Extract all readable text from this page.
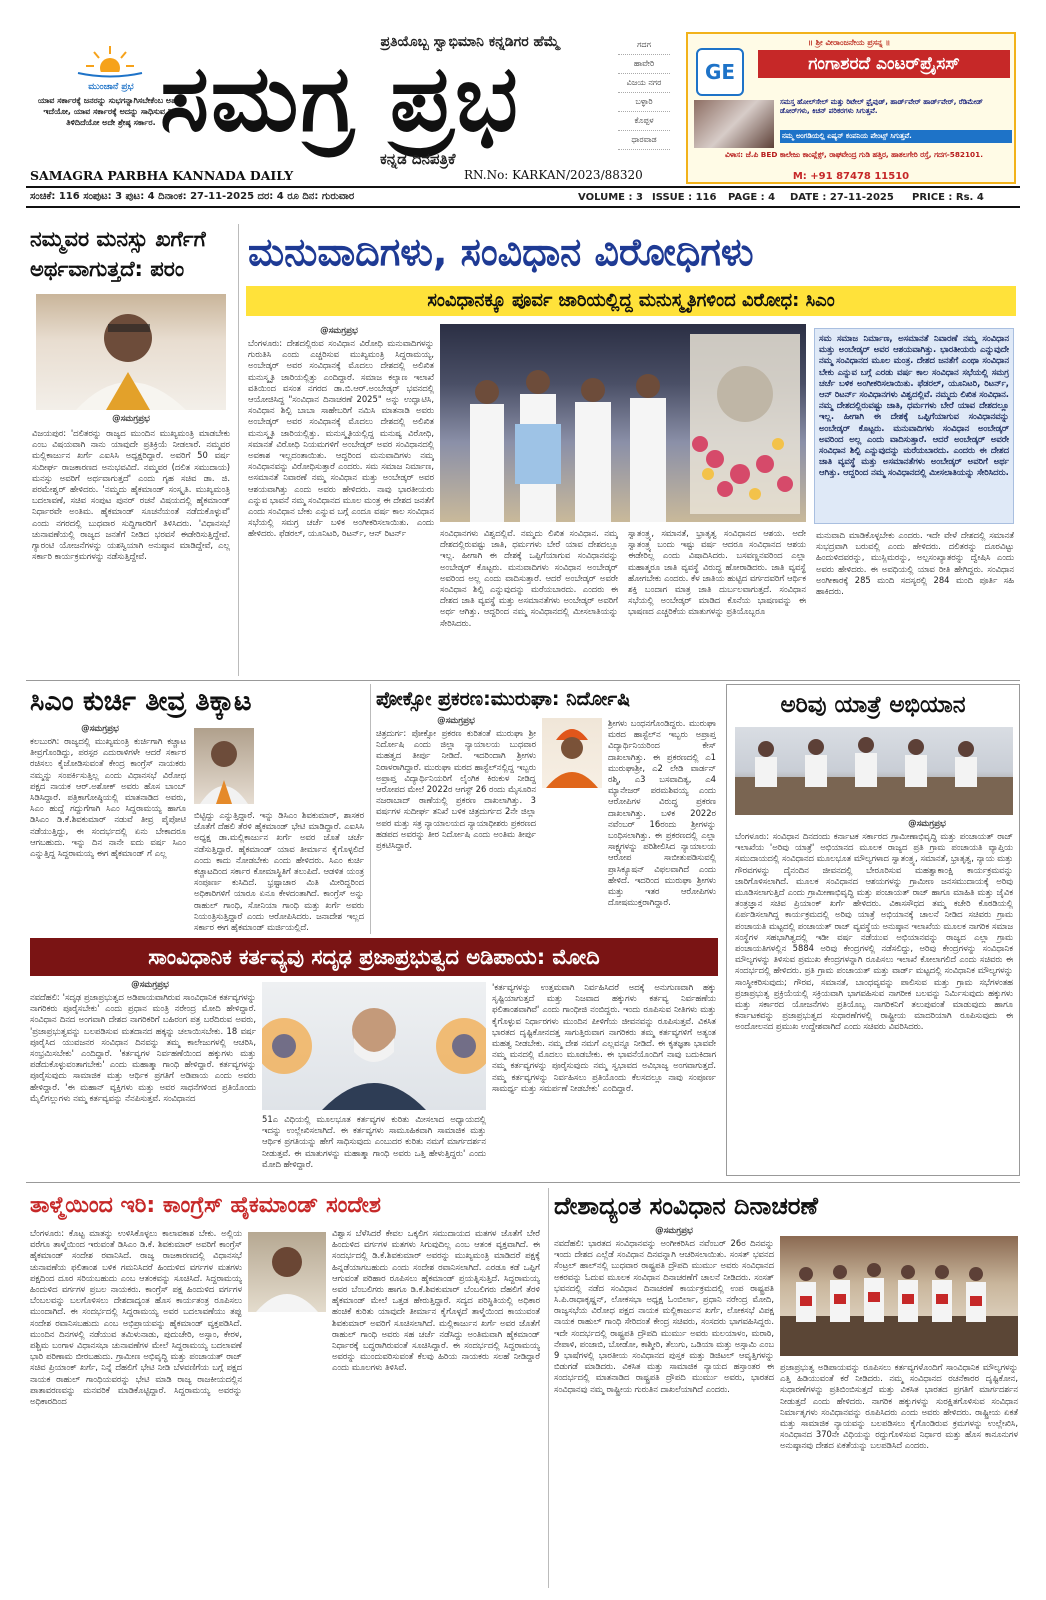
ಮುಂಜಾನೆ ಪ್ರಭ
ಯಾವ ಸರ್ಕಾರಕ್ಕೆ ಜನರನ್ನು ಸುಭಗನ್ನಾಗಿಸಬೇಕೆಂಬ ಅಪೇಕ್ಷೆ ಇದೆಯೋ, ಯಾವ ಸರ್ಕಾರಕ್ಕೆ ಅದನ್ನು ಸಾಧಿಸುವ ರೀತಿ ತಿಳಿದಿದೆಯೋ ಅದೇ ಶ್ರೇಷ್ಠ ಸರ್ಕಾರ.
ಪ್ರತಿಯೊಬ್ಬ ಸ್ವಾಭಿಮಾನಿ ಕನ್ನಡಿಗರ ಹೆಮ್ಮೆ
ಸಮಗ್ರ ಪ್ರಭ
ಕನ್ನಡ ದಿನಪತ್ರಿಕೆ
SAMAGRA PARBHA KANNADA DAILY	RN.No: KARKAN/2023/88320
ಗದಗ
ಹಾವೇರಿ
ವಿಜಯ ನಗರ
ಬಳ್ಳಾರಿ
ಕೊಪ್ಪಳ
ಧಾರವಾಡ
॥ ಶ್ರೀ ವೀರಾಂಜನೇಯ ಪ್ರಸನ್ನ ॥
GE	ಗಂಗಾಶರದೆ ಎಂಟರ್‌ಪ್ರೈಸಸ್
ಸಮಸ್ತ ಹೋಲ್‌ಸೇಲ್ ಮತ್ತು ರಿಟೇಲ್ ಫ್ರೈವುಡ್, ಹಾರ್ಡ್‌ವೇರ್ ಹಾರ್ಡ್‌ವೇರ್, ರೆಡಿಮೇಡ್ ಡೋರ್‌ಗಳು, ಕಿಚನ್ ಪರಿಕರಗಳು ಸಿಗುತ್ತವೆ.
ನಮ್ಮ ಅಂಗಡಿಯಲ್ಲಿ ಏಷ್ಯನ್ ಕಂಪನಿಯ ಪೇಂಟ್ಸ್ ಸಿಗುತ್ತವೆ.
ವಿಳಾಸ: ಜೆ.ಪಿ BED ಕಾಲೇಜು ಕಾಂಪ್ಲೆಕ್ಸ್, ರಾಘವೇಂದ್ರ ಗುಡಿ ಹತ್ತಿರ, ಹಾತಲಗೇರಿ ರಸ್ತೆ, ಗದಗ-582101.
M: +91 87478 11510
ಸಂಚಿಕೆ: 116 ಸಂಪುಟ: 3 ಪುಟ: 4 ದಿನಾಂಕ: 27-11-2025 ದರ: 4 ರೂ ದಿನ: ಗುರುವಾರ	VOLUME : 3 ISSUE : 116 PAGE : 4 DATE : 27-11-2025 PRICE : Rs. 4
ನಮ್ಮವರ ಮನಸ್ಸು ಖರ್ಗೆಗೆ ಅರ್ಥವಾಗುತ್ತದೆ: ಪರಂ
@ಸಮಗ್ರಪ್ರಭ
ವಿಜಯಪುರ: 'ದಲಿತರನ್ನು ರಾಜ್ಯದ ಮುಂದಿನ ಮುಖ್ಯಮಂತ್ರಿ ಮಾಡಬೇಕು ಎಂಬ ವಿಷಯವಾಗಿ ನಾನು ಯಾವುದೇ ಪ್ರತಿಕ್ರಿಯೆ ನೀಡಲಾರೆ. ನಮ್ಮವರ ಮಲ್ಲಿಕಾರ್ಜುನ ಖರ್ಗೆ ಎಐಸಿಸಿ ಅಧ್ಯಕ್ಷರಿದ್ದಾರೆ. ಅವರಿಗೆ 50 ವರ್ಷ ಸುದೀರ್ಘ ರಾಜಕಾರಣದ ಅನುಭವವಿದೆ. ನಮ್ಮವರ (ದಲಿತ ಸಮುದಾಯ) ಮನಸ್ಸು ಅವರಿಗೆ ಅರ್ಥವಾಗುತ್ತದೆ' ಎಂದು ಗೃಹ ಸಚಿವ ಡಾ. ಜಿ. ಪರಮೇಶ್ವರ್ ಹೇಳಿದರು. 'ನಮ್ಮದು ಹೈಕಮಾಂಡ್ ಸಂಸ್ಕೃತಿ. ಮುಖ್ಯಮಂತ್ರಿ ಬದಲಾವಣೆ, ಸಚಿವ ಸಂಪುಟ ಪುನರ್ ರಚನೆ ವಿಷಯದಲ್ಲಿ ಹೈಕಮಾಂಡ್ ನಿರ್ಧಾರವೇ ಅಂತಿಮ. ಹೈಕಮಾಂಡ್ ಸೂಚನೆಯಂತೆ ನಡೆದುಕೊಳ್ಳುವೆ' ಎಂದು ನಗರದಲ್ಲಿ ಬುಧವಾರ ಸುದ್ದಿಗಾರರಿಗೆ ತಿಳಿಸಿದರು. 'ವಿಧಾನಸಭೆ ಚುನಾವಣೆಯಲ್ಲಿ ರಾಜ್ಯದ ಜನತೆಗೆ ನೀಡಿದ ಭರವಸೆ ಈಡೇರಿಸುತ್ತಿದ್ದೇವೆ. ಗ್ಯಾರಂಟಿ ಯೋಜನೆಗಳನ್ನು ಯಶಸ್ವಿಯಾಗಿ ಅನುಷ್ಠಾನ ಮಾಡಿದ್ದೇವೆ, ಎಲ್ಲ ಸರ್ಕಾರಿ ಕಾರ್ಯಕ್ರಮಗಳನ್ನು ನಡೆಸುತ್ತಿದ್ದೇವೆ.
ಮನುವಾದಿಗಳು, ಸಂವಿಧಾನ ವಿರೋಧಿಗಳು
ಸಂವಿಧಾನಕ್ಕೂ ಪೂರ್ವ ಜಾರಿಯಲ್ಲಿದ್ದ ಮನುಸ್ಮೃತಿಗಳಿಂದ ವಿರೋಧ: ಸಿಎಂ
@ಸಮಗ್ರಪ್ರಭ
ಬೆಂಗಳೂರು: ದೇಶದಲ್ಲಿರುವ ಸಂವಿಧಾನ ವಿರೋಧಿ ಮನುವಾದಿಗಳನ್ನು ಗುರುತಿಸಿ ಎಂದು ಎಚ್ಚರಿಸುವ ಮುಖ್ಯಮಂತ್ರಿ ಸಿದ್ದರಾಮಯ್ಯ, ಅಂಬೇಡ್ಕರ್ ಅವರ ಸಂವಿಧಾನಕ್ಕೆ ಮೊದಲು ದೇಶದಲ್ಲಿ ಅಲಿಖಿತ ಮನುಸ್ಮೃತಿ ಜಾರಿಯಲ್ಲಿತ್ತು ಎಂದಿದ್ದಾರೆ. ಸಮಾಜ ಕಲ್ಯಾಣ ಇಲಾಖೆ ವತಿಯಿಂದ ವಸಂತ ನಗರದ ಡಾ.ಬಿ.ಆರ್.ಅಂಬೇಡ್ಕರ್ ಭವನದಲ್ಲಿ ಆಯೋಜಿಸಿದ್ದ "ಸಂವಿಧಾನ ದಿನಾಚರಣೆ 2025" ಅನ್ನು ಉದ್ಘಾಟಿಸಿ, ಸಂವಿಧಾನ ಶಿಲ್ಪಿ ಬಾಬಾ ಸಾಹೇಬರಿಗೆ ನಮಿಸಿ ಮಾತನಾಡಿ ಅವರು ಅಂಬೇಡ್ಕರ್ ಅವರ ಸಂವಿಧಾನಕ್ಕೆ ಮೊದಲು ದೇಶದಲ್ಲಿ ಅಲಿಖಿತ ಮನುಸ್ಮೃತಿ ಜಾರಿಯಲ್ಲಿತ್ತು. ಮನುಸ್ಮೃತಿಯಲ್ಲಿದ್ದ ಮನುಷ್ಯ ವಿರೋಧಿ, ಸಮಾನತೆ ವಿರೋಧಿ ನಿಯಮಗಳಿಗೆ ಅಂಬೇಡ್ಕರ್ ಅವರ ಸಂವಿಧಾನದಲ್ಲಿ ಅವಕಾಶ ಇಲ್ಲದಂತಾಯಿತು. ಆದ್ದರಿಂದ ಮನುವಾದಿಗಳು ನಮ್ಮ ಸಂವಿಧಾನವನ್ನು ವಿರೋಧಿಸುತ್ತಾರೆ ಎಂದರು. ಸಮ ಸಮಾಜ ನಿರ್ಮಾಣ, ಅಸಮಾನತೆ ನಿವಾರಣೆ ನಮ್ಮ ಸಂವಿಧಾನ ಮತ್ತು ಅಂಬೇಡ್ಕರ್ ಅವರ ಆಶಯವಾಗಿತ್ತು ಎಂದು ಅವರು ಹೇಳಿದರು. ನಾವು ಭಾರತೀಯರು ಎನ್ನುವ ಭಾವನೆ ನಮ್ಮ ಸಂವಿಧಾನದ ಮೂಲ ಮಂತ್ರ ಈ ದೇಶದ ಜನತೆಗೆ ಎಂದು ಸಂವಿಧಾನ ಬೇಕು ಎನ್ನುವ ಬಗ್ಗೆ ಎಂದೂ ವರ್ಷ ಕಾಲ ಸಂವಿಧಾನ ಸಭೆಯಲ್ಲಿ ಸಮಗ್ರ ಚರ್ಚೆ ಬಳಿಕ ಅಂಗೀಕರಿಸಲಾಯಿತು. ಎಂದು ಹೇಳಿದರು. ಫೆಡರಲ್, ಯೂನಿಟರಿ, ರಿಟರ್ನ್, ಆನ್ ರಿಟರ್ನ್	ಸಂವಿಧಾನಗಳು ವಿಶ್ವದಲ್ಲಿವೆ. ನಮ್ಮದು ಲಿಖಿತ ಸಂವಿಧಾನ. ನಮ್ಮ ದೇಶದಲ್ಲಿರುವಷ್ಟು ಜಾತಿ, ಧರ್ಮಗಳು ಬೇರೆ ಯಾವ ದೇಶದಲ್ಲೂ ಇಲ್ಲ. ಹೀಗಾಗಿ ಈ ದೇಶಕ್ಕೆ ಒಪ್ಪಿಗೆಯಾಗುವ ಸಂವಿಧಾನವನ್ನು ಅಂಬೇಡ್ಕರ್ ಕೊಟ್ಟರು. ಮನುವಾದಿಗಳು ಸಂವಿಧಾನ ಅಂಬೇಡ್ಕರ್ ಅವರಿಂದ ಅಲ್ಲ ಎಂದು ವಾದಿಸುತ್ತಾರೆ. ಆದರೆ ಅಂಬೇಡ್ಕರ್ ಅವರೇ ಸಂವಿಧಾನ ಶಿಲ್ಪಿ ಎನ್ನುವುದನ್ನು ಮರೆಯಬಾರದು. ಎಂದರು ಈ ದೇಶದ ಜಾತಿ ವ್ಯವಸ್ಥೆ ಮತ್ತು ಅಸಮಾನತೆಗಳು ಅಂಬೇಡ್ಕರ್ ಅವರಿಗೆ ಅರ್ಥ ಆಗಿತ್ತು. ಆದ್ದರಿಂದ ನಮ್ಮ ಸಂವಿಧಾನದಲ್ಲಿ ಮೀಸಲಾತಿಯನ್ನು ಸೇರಿಸಿದರು.
ಸ್ವಾತಂತ್ರ್ಯ, ಸಮಾನತೆ, ಭ್ರಾತೃತ್ವ ಸಂವಿಧಾನದ ಆಶಯ. ಅದೇ ಸ್ವಾತಂತ್ರ್ಯ ಬಂದು ಇಷ್ಟು ವರ್ಷ ಆದರೂ ಸಂವಿಧಾನದ ಆಶಯ ಈಡೇರಿಲ್ಲ ಎಂದು ವಿಷಾದಿಸಿದರು. ಬಸವಣ್ಣನವರಿಂದ ಎಲ್ಲಾ ಮಹಾತ್ಮರೂ ಜಾತಿ ವ್ಯವಸ್ಥೆ ವಿರುದ್ಧ ಹೋರಾಡಿದರು. ಜಾತಿ ವ್ಯವಸ್ಥೆ ಹೋಗಬೇಕು ಎಂದರು. ಕೆಳ ಜಾತಿಯ ಹುಟ್ಟಿದ ವರ್ಗದವರಿಗೆ ಆರ್ಥಿಕ ಶಕ್ತಿ ಬಂದಾಗ ಮಾತ್ರ ಜಾತಿ ದುರ್ಬಲವಾಗುತ್ತದೆ. ಸಂವಿಧಾನ ಸಭೆಯಲ್ಲಿ ಅಂಬೇಡ್ಕರ್ ಮಾಡಿದ ಕೊನೆಯ ಭಾಷಣವನ್ನು ಈ ಭಾಷಣದ ಎಚ್ಚರಿಕೆಯ ಮಾತುಗಳನ್ನು ಪ್ರತಿಯೊಬ್ಬರೂ
ಸಮ ಸಮಾಜ ನಿರ್ಮಾಣ, ಅಸಮಾನತೆ ನಿವಾರಣೆ ನಮ್ಮ ಸಂವಿಧಾನ ಮತ್ತು ಅಂಬೇಡ್ಕರ್ ಅವರ ಆಶಯವಾಗಿತ್ತು. ಭಾರತೀಯರು ಎನ್ನುವುದೇ ನಮ್ಮ ಸಂವಿಧಾನದ ಮೂಲ ಮಂತ್ರ. ದೇಶದ ಜನತೆಗೆ ಎಂಥಾ ಸಂವಿಧಾನ ಬೇಕು ಎನ್ನುವ ಬಗ್ಗೆ ಎರಡು ವರ್ಷ ಕಾಲ ಸಂವಿಧಾನ ಸಭೆಯಲ್ಲಿ ಸಮಗ್ರ ಚರ್ಚೆ ಬಳಿಕ ಅಂಗೀಕರಿಸಲಾಯಿತು. ಫೆಡರಲ್, ಯೂನಿಟರಿ, ರಿಟರ್ನ್, ಆನ್ ರಿಟರ್ನ್ ಸಂವಿಧಾನಗಳು ವಿಶ್ವದಲ್ಲಿವೆ. ನಮ್ಮದು ಲಿಖಿತ ಸಂವಿಧಾನ. ನಮ್ಮ ದೇಶದಲ್ಲಿರುವಷ್ಟು ಜಾತಿ, ಧರ್ಮಗಳು ಬೇರೆ ಯಾವ ದೇಶದಲ್ಲೂ ಇಲ್ಲ. ಹೀಗಾಗಿ ಈ ದೇಶಕ್ಕೆ ಒಪ್ಪಿಗೆಯಾಗುವ ಸಂವಿಧಾನವನ್ನು ಅಂಬೇಡ್ಕರ್ ಕೊಟ್ಟರು. ಮನುವಾದಿಗಳು ಸಂವಿಧಾನ ಅಂಬೇಡ್ಕರ್ ಅವರಿಂದ ಅಲ್ಲ ಎಂದು ವಾದಿಸುತ್ತಾರೆ. ಆದರೆ ಅಂಬೇಡ್ಕರ್ ಅವರೇ ಸಂವಿಧಾನ ಶಿಲ್ಪಿ ಎನ್ನುವುದನ್ನು ಮರೆಯಬಾರದು. ಎಂದರು ಈ ದೇಶದ ಜಾತಿ ವ್ಯವಸ್ಥೆ ಮತ್ತು ಅಸಮಾನತೆಗಳು ಅಂಬೇಡ್ಕರ್ ಅವರಿಗೆ ಅರ್ಥ ಆಗಿತ್ತು. ಆದ್ದರಿಂದ ನಮ್ಮ ಸಂವಿಧಾನದಲ್ಲಿ ಮೀಸಲಾತಿಯನ್ನು ಸೇರಿಸಿದರು.
ಮನುವಾದಿ ಮಾಡಿಕೊಳ್ಳಬೇಕು ಎಂದರು. ಇದೇ ವೇಳೆ ದೇಶದಲ್ಲಿ ಸಮಾನತೆ ಸುಭದ್ರವಾಗಿ ಬರುವಲ್ಲಿ ಎಂದು ಹೇಳಿದರು. ದಲಿತರನ್ನು ದೂರವಿಟ್ಟು ಹಿಂದುಳಿದವರನ್ನು, ಮುಸ್ಲಿಮರನ್ನು, ಅಲ್ಪಸಂಖ್ಯಾತರನ್ನು ದ್ವೇಷಿಸಿ ಎಂದು ಅವರು ಹೇಳಿದರು. ಈ ಅವಧಿಯಲ್ಲಿ ಯಾವ ರೀತಿ ಹೇಗಿದ್ದರು. ಸಂವಿಧಾನ ಅಂಗೀಕಾರಕ್ಕೆ 285 ಮಂದಿ ಸದಸ್ಯರಲ್ಲಿ 284 ಮಂದಿ ಪೂರ್ತಿ ಸಹಿ ಹಾಕಿದರು.
ಸಿಎಂ ಕುರ್ಚಿ ತೀವ್ರ ತಿಕ್ಕಾಟ
@ಸಮಗ್ರಪ್ರಭ
ಕಲಬುರಗಿ: ರಾಜ್ಯದಲ್ಲಿ ಮುಖ್ಯಮಂತ್ರಿ ಕುರ್ಚಿಗಾಗಿ ಕಚ್ಚಾಟ ತೀವ್ರಗೊಂಡಿದ್ದು, ಪರಸ್ಪರ ಎದುರಾಳಿಗಳೇ ಆದರೆ ಸರ್ಕಾರ ರಚಿಸಲು ಕೈಜೋಡಿಸುವಂತೆ ಕೇಂದ್ರ ಕಾಂಗ್ರೆಸ್ ನಾಯಕರು ನಮ್ಮನ್ನು ಸಂಪರ್ಕಿಸುತ್ತಿಲ್ಲ ಎಂದು ವಿಧಾನಸಭೆ ವಿರೋಧ ಪಕ್ಷದ ನಾಯಕ ಆರ್.ಅಶೋಕ್ ಅವರು ಹೊಸ ಬಾಂಬ್ ಸಿಡಿಸಿದ್ದಾರೆ. ಪತ್ರಿಕಾಗೋಷ್ಠಿಯಲ್ಲಿ ಮಾತನಾಡಿದ ಅವರು, ಸಿಎಂ ಹುದ್ದೆ ಗದ್ದುಗೆಗಾಗಿ ಸಿಎಂ ಸಿದ್ದರಾಮಯ್ಯ ಹಾಗೂ ಡಿಸಿಎಂ ಡಿ.ಕೆ.ಶಿವಕುಮಾರ್ ನಡುವೆ ತೀವ್ರ ಪೈಪೋಟಿ ನಡೆಯುತ್ತಿದ್ದು, ಈ ಸಂದರ್ಭದಲ್ಲಿ ಏನು ಬೇಕಾದರೂ ಆಗಬಹುದು. ಇನ್ನು ದಿನ ನಾನೇ ಐದು ವರ್ಷ ಸಿಎಂ ಎನ್ನುತ್ತಿದ್ದ ಸಿದ್ದರಾಮಯ್ಯ ಈಗ ಹೈಕಮಾಂಡ್ ಗೆ ಎಲ್ಲ
ಬಿಟ್ಟಿದ್ದು ಎನ್ನುತ್ತಿದ್ದಾರೆ. ಇನ್ನು ಡಿಸಿಎಂ ಶಿವಕುಮಾರ್, ಶಾಸಕರ ಜೊತೆಗೆ ದೆಹಲಿ ತೆರಳಿ ಹೈಕಮಾಂಡ್ ಭೇಟಿ ಮಾಡಿದ್ದಾರೆ. ಎಐಸಿಸಿ ಅಧ್ಯಕ್ಷ ಡಾ.ಮಲ್ಲಿಕಾರ್ಜುನ ಖರ್ಗೆ ಅವರ ಜೊತೆ ಚರ್ಚೆ ನಡೆಸುತ್ತಿದ್ದಾರೆ. ಹೈಕಮಾಂಡ್ ಯಾವ ತೀರ್ಮಾನ ಕೈಗೊಳ್ಳಲಿದೆ ಎಂದು ಕಾದು ನೋಡಬೇಕು ಎಂದು ಹೇಳಿದರು. ಸಿಎಂ ಕುರ್ಚಿ ಕಚ್ಚಾಟದಿಂದ ಸರ್ಕಾರ ಕೋಮಾಸ್ಥಿತಿಗೆ ತಲುಪಿದೆ. ಆಡಳಿತ ಯಂತ್ರ ಸಂಪೂರ್ಣ ಕುಸಿದಿದೆ. ಭ್ರಷ್ಟಾಚಾರ ಮಿತಿ ಮೀರಿದ್ದರಿಂದ ಅಧಿಕಾರಿಗಳಿಗೆ ಯಾರೂ ಏನೂ ಕೇಳದಂತಾಗಿದೆ. ಕಾಂಗ್ರೆಸ್ ಅನ್ನು ರಾಹುಲ್ ಗಾಂಧಿ, ಸೋನಿಯಾ ಗಾಂಧಿ ಮತ್ತು ಖರ್ಗೆ ಅವರು ನಿಯಂತ್ರಿಸುತ್ತಿದ್ದಾರೆ ಎಂದು ಆರೋಪಿಸಿದರು. ಜನಾದೇಶ ಇಲ್ಲದ ಸರ್ಕಾರ ಈಗ ಹೈಕಮಾಂಡ್ ಮರ್ಜಿಯಲ್ಲಿದೆ.
ಪೋಕ್ಸೋ ಪ್ರಕರಣ:ಮುರುಘಾ: ನಿರ್ದೋಷಿ
@ಸಮಗ್ರಪ್ರಭ
ಚಿತ್ರದುರ್ಗ: ಪೋಕ್ಸೋ ಪ್ರಕರಣ ಕುರಿತಂತೆ ಮುರುಘಾ ಶ್ರೀ ನಿರ್ದೋಷಿ ಎಂದು ಜಿಲ್ಲಾ ನ್ಯಾಯಾಲಯ ಬುಧವಾರ ಮಹತ್ವದ ತೀರ್ಪು ನೀಡಿದೆ. ಇದರಿಂದಾಗಿ ಶ್ರೀಗಳು ನಿರಾಳರಾಗಿದ್ದಾರೆ. ಮುರುಘಾ ಮಠದ ಹಾಸ್ಟೆಲ್‌ನಲ್ಲಿದ್ದ ಇಬ್ಬರು ಅಪ್ರಾಪ್ತ ವಿದ್ಯಾರ್ಥಿನಿಯರಿಗೆ ಲೈಂಗಿಕ ಕಿರುಕುಳ ನೀಡಿದ್ದ ಆರೋಪದ ಮೇಲೆ 2022ರ ಆಗಸ್ಟ್ 26 ರಂದು ಮೈಸೂರಿನ ನಜರಾಬಾದ್ ಠಾಣೆಯಲ್ಲಿ ಪ್ರಕರಣ ದಾಖಲಾಗಿತ್ತು. 3 ವರ್ಷಗಳ ಸುದೀರ್ಘ ತನಿಖೆ ಬಳಿಕ ಚಿತ್ರದುರ್ಗದ 2ನೇ ಜಿಲ್ಲಾ ಅಪರ ಮತ್ತು ಸತ್ರ ನ್ಯಾಯಾಲಯದ ನ್ಯಾಯಾಧೀಶರು ಪ್ರಕರಣದ ಹಡಪದ ಅವರನ್ನು ತೀರ ನಿರ್ದೋಷಿ ಎಂದು ಅಂತಿಮ ತೀರ್ಪು ಪ್ರಕಟಿಸಿದ್ದಾರೆ.
ಶ್ರೀಗಳು ಬಂಧನಗೊಂಡಿದ್ದರು. ಮುರುಘಾ ಮಠದ ಹಾಸ್ಟೆಲ್‌ನ ಇಬ್ಬರು ಅಪ್ರಾಪ್ತ ವಿದ್ಯಾರ್ಥಿನಿಯರಿಂದ ಕೇಸ್ ದಾಖಲಾಗಿತ್ತು. ಈ ಪ್ರಕರಣದಲ್ಲಿ ಎ1 ಮುರುಘಾಶ್ರೀ, ಎ2 ಲೇಡಿ ವಾರ್ಡನ್ ರಶ್ಮಿ, ಎ3 ಬಸವಾದಿತ್ಯ, ಎ4 ಮ್ಯಾನೇಜರ್ ಪರಮಶಿವಯ್ಯ ಎಂದು ಆರೋಪಿಗಳ ವಿರುದ್ಧ ಪ್ರಕರಣ ದಾಖಲಾಗಿತ್ತು. ಬಳಿಕ 2022ರ ನವೆಂಬರ್ 16ರಂದು ಶ್ರೀಗಳನ್ನು ಬಂಧಿಸಲಾಗಿತ್ತು. ಈ ಪ್ರಕರಣದಲ್ಲಿ ಎಲ್ಲಾ ಸಾಕ್ಷ್ಯಗಳನ್ನು ಪರಿಶೀಲಿಸಿದ ನ್ಯಾಯಾಲಯ ಆರೋಪ ಸಾಬೀತುಪಡಿಸುವಲ್ಲಿ ಪ್ರಾಸಿಕ್ಯೂಷನ್ ವಿಫಲವಾಗಿದೆ ಎಂದು ಹೇಳಿದೆ. ಇದರಿಂದ ಮುರುಘಾ ಶ್ರೀಗಳು ಮತ್ತು ಇತರ ಆರೋಪಿಗಳು ದೋಷಮುಕ್ತರಾಗಿದ್ದಾರೆ.
ಅರಿವು ಯಾತ್ರೆ ಅಭಿಯಾನ
@ಸಮಗ್ರಪ್ರಭ
ಬೆಂಗಳೂರು: ಸಂವಿಧಾನ ದಿನದಂದು ಕರ್ನಾಟಕ ಸರ್ಕಾರದ ಗ್ರಾಮೀಣಾಭಿವೃದ್ಧಿ ಮತ್ತು ಪಂಚಾಯತ್ ರಾಜ್ ಇಲಾಖೆಯ 'ಅರಿವು ಯಾತ್ರೆ' ಅಭಿಯಾನದ ಮೂಲಕ ರಾಜ್ಯದ ಪ್ರತಿ ಗ್ರಾಮ ಪಂಚಾಯತಿ ವ್ಯಾಪ್ತಿಯ ಸಮುದಾಯದಲ್ಲಿ ಸಂವಿಧಾನದ ಮೂಲಭೂತ ಮೌಲ್ಯಗಳಾದ ಸ್ವಾತಂತ್ರ್ಯ, ಸಮಾನತೆ, ಭ್ರಾತೃತ್ವ, ನ್ಯಾಯ ಮತ್ತು ಗೌರವಗಳನ್ನು ದೈನಂದಿನ ಜೀವನದಲ್ಲಿ ಬೇರೂರಿಸುವ ಮಹತ್ವಾಕಾಂಕ್ಷಿ ಕಾರ್ಯಕ್ರಮವನ್ನು ಜಾರಿಗೊಳಿಸಲಾಗಿದೆ. ಮೂಲಕ ಸಂವಿಧಾನದ ಆಶಯಗಳನ್ನು ಗ್ರಾಮೀಣ ಜನಸಮುದಾಯಕ್ಕೆ ಅರಿವು ಮೂಡಿಸಲಾಗುತ್ತಿದೆ ಎಂದು ಗ್ರಾಮೀಣಾಭಿವೃದ್ಧಿ ಮತ್ತು ಪಂಚಾಯತ್ ರಾಜ್ ಹಾಗೂ ಮಾಹಿತಿ ಮತ್ತು ಜೈವಿಕ ತಂತ್ರಜ್ಞಾನ ಸಚಿವ ಪ್ರಿಯಾಂಕ್ ಖರ್ಗೆ ಹೇಳಿದರು. ವಿಕಾಸಸೌಧದ ತಮ್ಮ ಕಚೇರಿ ಕೊಠಡಿಯಲ್ಲಿ ಏರ್ಪಡಿಸಲಾಗಿದ್ದ ಕಾರ್ಯಕ್ರಮದಲ್ಲಿ ಅರಿವು ಯಾತ್ರೆ ಅಭಿಯಾನಕ್ಕೆ ಚಾಲನೆ ನೀಡಿದ ಸಚಿವರು ಗ್ರಾಮ ಪಂಚಾಯತಿ ಮಟ್ಟದಲ್ಲಿ ಪಂಚಾಯತ್ ರಾಜ್ ವ್ಯವಸ್ಥೆಯ ಅನುಷ್ಠಾನ ಇಲಾಖೆಯ ಮೂಲಕ ನಾಗರಿಕ ಸಮಾಜ ಸಂಸ್ಥೆಗಳ ಸಹಭಾಗಿತ್ವದಲ್ಲಿ ಇಡೀ ವರ್ಷ ನಡೆಯುವ ಅಭಿಯಾನವನ್ನು ರಾಜ್ಯದ ಎಲ್ಲಾ ಗ್ರಾಮ ಪಂಚಾಯತಿಗಳಲ್ಲಿನ 5884 ಅರಿವು ಕೇಂದ್ರಗಳಲ್ಲಿ ನಡೆಸಲಿದ್ದು, ಅರಿವು ಕೇಂದ್ರಗಳನ್ನು ಸಂವಿಧಾನಿಕ ಮೌಲ್ಯಗಳನ್ನು ತಿಳಿಸುವ ಪ್ರಮುಖ ಕೇಂದ್ರಗಳನ್ನಾಗಿ ರೂಪಿಸಲು ಇಲಾಖೆ ಕೋಲಾಗಲಿದೆ ಎಂದು ಸಚಿವರು ಈ ಸಂದರ್ಭದಲ್ಲಿ ಹೇಳಿದರು. ಪ್ರತಿ ಗ್ರಾಮ ಪಂಚಾಯತ್ ಮತ್ತು ವಾರ್ಡ್ ಮಟ್ಟದಲ್ಲಿ ಸಂವಿಧಾನಿಕ ಮೌಲ್ಯಗಳನ್ನು ಸಾಂಸ್ಥೀಕರಿಸುವುದು; ಗೌರವ, ಸಮಾನತೆ, ಬಾಂಧವ್ಯವನ್ನು ಪಾಲಿಸುವ ಮತ್ತು ಗ್ರಾಮ ಸಭೆಗಳಂತಹ ಪ್ರಜಾಪ್ರಭುತ್ವ ಪ್ರಕ್ರಿಯೆಯಲ್ಲಿ ಸಕ್ರಿಯವಾಗಿ ಭಾಗವಹಿಸುವ ನಾಗರೀಕ ಬಲವನ್ನು ನಿರ್ಮಿಸುವುದು ಹಕ್ಕುಗಳು ಮತ್ತು ಸರ್ಕಾರದ ಯೋಜನೆಗಳು ಪ್ರತಿಯೊಬ್ಬ ನಾಗರಿಕನಿಗೆ ತಲುಪುವಂತೆ ಮಾಡುವುದು ಹಾಗೂ ಕರ್ನಾಟಕವನ್ನು ಪ್ರಜಾಪ್ರಭುತ್ವದ ಸುಧಾರಣೆಗಳಲ್ಲಿ ರಾಷ್ಟ್ರೀಯ ಮಾದರಿಯಾಗಿ ರೂಪಿಸುವುದು ಈ ಅಂದೋಲನದ ಪ್ರಮುಖ ಉದ್ದೇಶವಾಗಿದೆ ಎಂದು ಸಚಿವರು ವಿವರಿಸಿದರು.
ಸಾಂವಿಧಾನಿಕ ಕರ್ತವ್ಯವು ಸದೃಢ ಪ್ರಜಾಪ್ರಭುತ್ವದ ಅಡಿಪಾಯ: ಮೋದಿ
@ಸಮಗ್ರಪ್ರಭ
ನವದೆಹಲಿ: 'ಸದೃಢ ಪ್ರಜಾಪ್ರಭುತ್ವದ ಅಡಿಪಾಯವಾಗಿರುವ ಸಾಂವಿಧಾನಿಕ ಕರ್ತವ್ಯಗಳನ್ನು ನಾಗರಿಕರು ಪೂರೈಸಬೇಕು' ಎಂದು ಪ್ರಧಾನ ಮಂತ್ರಿ ನರೇಂದ್ರ ಮೋದಿ ಹೇಳಿದ್ದಾರೆ. ಸಂವಿಧಾನ ದಿನದ ಅಂಗವಾಗಿ ದೇಶದ ನಾಗರಿಕರಿಗೆ ಬಹಿರಂಗ ಪತ್ರ ಬರೆದಿರುವ ಅವರು, 'ಪ್ರಜಾಪ್ರಭುತ್ವವನ್ನು ಬಲಪಡಿಸುವ ಮತದಾನದ ಹಕ್ಕನ್ನು ಚಲಾಯಿಸಬೇಕು. 18 ವರ್ಷ ಪೂರೈಸಿದ ಯುವಜನರ ಸಂವಿಧಾನ ದಿನವನ್ನು ತಮ್ಮ ಕಾಲೇಜುಗಳಲ್ಲಿ ಆಚರಿಸಿ, ಸಂಭ್ರಮಿಸಬೇಕು' ಎಂದಿದ್ದಾರೆ. 'ಕರ್ತವ್ಯಗಳ ನಿರ್ವಹಣೆಯಿಂದ ಹಕ್ಕುಗಳು ಮತ್ತು ಪಡೆದುಕೊಳ್ಳುವಂತಾಗಬೇಕು' ಎಂದು ಮಹಾತ್ಮಾ ಗಾಂಧಿ ಹೇಳಿದ್ದಾರೆ. ಕರ್ತವ್ಯಗಳನ್ನು ಪೂರೈಸುವುದು ಸಾಮಾಜಿಕ ಮತ್ತು ಆರ್ಥಿಕ ಪ್ರಗತಿಗೆ ಅಡಿಪಾಯ ಎಂದು ಅವರು ಹೇಳಿದ್ದಾರೆ. 'ಈ ಮಹಾನ್ ವ್ಯಕ್ತಿಗಳು ಮತ್ತು ಅವರ ಸಾಧನೆಗಳಿಂದ ಪ್ರತಿಯೊಂದು ಮೈಲಿಗಲ್ಲುಗಳು ನಮ್ಮ ಕರ್ತವ್ಯವನ್ನು ನೆನಪಿಸುತ್ತವೆ. ಸಂವಿಧಾನದ
51ಎ ವಿಧಿಯಲ್ಲಿ ಮೂಲಭೂತ ಕರ್ತವ್ಯಗಳ ಕುರಿತು ಮೀಸಲಾದ ಅಧ್ಯಾಯದಲ್ಲಿ ಇದನ್ನು ಉಲ್ಲೇಖಿಸಲಾಗಿದೆ. ಈ ಕರ್ತವ್ಯಗಳು ಸಾಮೂಹಿಕವಾಗಿ ಸಾಮಾಜಿಕ ಮತ್ತು ಆರ್ಥಿಕ ಪ್ರಗತಿಯನ್ನು ಹೇಗೆ ಸಾಧಿಸುವುದು ಎಂಬುದರ ಕುರಿತು ನಮಗೆ ಮಾರ್ಗದರ್ಶನ ನೀಡುತ್ತವೆ. ಈ ಮಾತುಗಳನ್ನು ಮಹಾತ್ಮಾ ಗಾಂಧಿ ಅವರು ಒತ್ತಿ ಹೇಳುತ್ತಿದ್ದರು' ಎಂದು ಮೋದಿ ಹೇಳಿದ್ದಾರೆ.
'ಕರ್ತವ್ಯಗಳನ್ನು ಉತ್ತಮವಾಗಿ ನಿರ್ವಹಿಸಿದರೆ ಅದಕ್ಕೆ ಅನುಗುಣವಾಗಿ ಹಕ್ಕು ಸೃಷ್ಟಿಯಾಗುತ್ತದೆ ಮತ್ತು ನಿಜವಾದ ಹಕ್ಕುಗಳು ಕರ್ತವ್ಯ ನಿರ್ವಹಣೆಯ ಫಲಿತಾಂಶವಾಗಿವೆ' ಎಂದು ಗಾಂಧೀಜಿ ನಂಬಿದ್ದರು. ಇಂದು ರೂಪಿಸುವ ನೀತಿಗಳು ಮತ್ತು ಕೈಗೊಳ್ಳುವ ನಿರ್ಧಾರಗಳು ಮುಂದಿನ ಪೀಳಿಗೆಯ ಜೀವನವನ್ನು ರೂಪಿಸುತ್ತವೆ. ವಿಕಸಿತ ಭಾರತದ ದೃಷ್ಟಿಕೋನದತ್ತ ಸಾಗುತ್ತಿರುವಾಗ ನಾಗರಿಕರು ತಮ್ಮ ಕರ್ತವ್ಯಗಳಿಗೆ ಅತ್ಯಂತ ಮಹತ್ವ ನೀಡಬೇಕು. ನಮ್ಮ ದೇಶ ನಮಗೆ ಎಲ್ಲವನ್ನೂ ನೀಡಿದೆ. ಈ ಕೃತಜ್ಞತಾ ಭಾವವೇ ನಮ್ಮ ಮನದಲ್ಲಿ ಮೊದಲು ಮೂಡಬೇಕು. ಈ ಭಾವನೆಯೊಂದಿಗೆ ನಾವು ಬದುಕಿದಾಗ ನಮ್ಮ ಕರ್ತವ್ಯಗಳನ್ನು ಪೂರೈಸುವುದು ನಮ್ಮ ಸ್ವಭಾವದ ಅವಿಭಾಜ್ಯ ಅಂಗವಾಗುತ್ತದೆ. ನಮ್ಮ ಕರ್ತವ್ಯಗಳನ್ನು ನಿರ್ವಹಿಸಲು ಪ್ರತಿಯೊಂದು ಕೆಲಸದಲ್ಲೂ ನಾವು ಸಂಪೂರ್ಣ ಸಾಮರ್ಥ್ಯ ಮತ್ತು ಸಮರ್ಪಣೆ ನೀಡಬೇಕು' ಎಂದಿದ್ದಾರೆ.
ತಾಳ್ಮೆಯಿಂದ ಇರಿ: ಕಾಂಗ್ರೆಸ್ ಹೈಕಮಾಂಡ್ ಸಂದೇಶ
ಬೆಂಗಳೂರು: ಕೊಟ್ಟ ಮಾತನ್ನು ಉಳಿಸಿಕೊಳ್ಳಲು ಕಾಲಾವಕಾಶ ಬೇಕು. ಅಲ್ಲಿಯ ವರೆಗೂ ತಾಳ್ಮೆಯಿಂದ ಇರುವಂತೆ ಡಿಸಿಎಂ ಡಿ.ಕೆ. ಶಿವಕುಮಾರ್ ಅವರಿಗೆ ಕಾಂಗ್ರೆಸ್ ಹೈಕಮಾಂಡ್ ಸಂದೇಶ ರವಾನಿಸಿದೆ. ರಾಜ್ಯ ರಾಜಕಾರಣದಲ್ಲಿ ವಿಧಾನಸಭೆ ಚುನಾವಣೆಯ ಫಲಿತಾಂಶ ಬಳಿಕ ಗಮನಿಸಿದರೆ ಹಿಂದುಳಿದ ವರ್ಗಗಳ ಮತಗಳು ಪಕ್ಷದಿಂದ ದೂರ ಸರಿಯಬಹುದು ಎಂಬ ಆತಂಕವನ್ನು ಸೂಚಿಸಿದೆ. ಸಿದ್ದರಾಮಯ್ಯ ಹಿಂದುಳಿದ ವರ್ಗಗಳ ಪ್ರಬಲ ನಾಯಕರು. ಕಾಂಗ್ರೆಸ್ ಪಕ್ಷ ಹಿಂದುಳಿದ ವರ್ಗಗಳ ಬೆಂಬಲವನ್ನು ಬಲಗೊಳಿಸಲು ದೇಶದಾದ್ಯಂತ ಹೊಸ ಕಾರ್ಯತಂತ್ರ ರೂಪಿಸಲು ಮುಂದಾಗಿದೆ. ಈ ಸಂದರ್ಭದಲ್ಲಿ ಸಿದ್ದರಾಮಯ್ಯ ಅವರ ಬದಲಾವಣೆಯು ತಪ್ಪು ಸಂದೇಶ ರವಾನಿಸಬಹುದು ಎಂಬ ಅಭಿಪ್ರಾಯವನ್ನು ಹೈಕಮಾಂಡ್ ವ್ಯಕ್ತಪಡಿಸಿದೆ. ಮುಂದಿನ ದಿನಗಳಲ್ಲಿ ನಡೆಯುವ ತಮಿಳುನಾಡು, ಪುದುಚೇರಿ, ಅಸ್ಸಾಂ, ಕೇರಳ, ಪಶ್ಚಿಮ ಬಂಗಾಳ ವಿಧಾನಸಭಾ ಚುನಾವಣೆಗಳ ಮೇಲೆ ಸಿದ್ದರಾಮಯ್ಯ ಬದಲಾವಣೆ ಭಾರಿ ಪರಿಣಾಮ ಬೀರಬಹುದು. ಗ್ರಾಮೀಣ ಅಭಿವೃದ್ಧಿ ಮತ್ತು ಪಂಚಾಯತ್ ರಾಜ್ ಸಚಿವ ಪ್ರಿಯಾಂಕ್ ಖರ್ಗೆ, ನಿನ್ನೆ ದೆಹಲಿಗೆ ಭೇಟಿ ನೀಡಿ ಬೆಳವಣಿಗೆಯ ಬಗ್ಗೆ ಪಕ್ಷದ ನಾಯಕ ರಾಹುಲ್ ಗಾಂಧಿಯವರನ್ನು ಭೇಟಿ ಮಾಡಿ ರಾಜ್ಯ ರಾಜಕೀಯದಲ್ಲಿನ ಪಾತಾವರಣವನ್ನು ಮನವರಿಕೆ ಮಾಡಿಕೊಟ್ಟಿದ್ದಾರೆ. ಸಿದ್ದರಾಮಯ್ಯ ಅವರನ್ನು ಅಧಿಕಾರದಿಂದ
ವಿಶ್ವಾಸ ಬೆಳೆಸಿದರೆ ಕೇವಲ ಒಕ್ಕಲಿಗ ಸಮುದಾಯದ ಮತಗಳ ಜೊತೆಗೆ ಬೇರೆ ಹಿಂದುಳಿದ ವರ್ಗಗಳ ಮತಗಳು ಸಿಗುವುದಿಲ್ಲ ಎಂಬ ಆತಂಕ ವ್ಯಕ್ತವಾಗಿದೆ. ಈ ಸಂದರ್ಭದಲ್ಲಿ ಡಿ.ಕೆ.ಶಿವಕುಮಾರ್ ಅವರನ್ನು ಮುಖ್ಯಮಂತ್ರಿ ಮಾಡಿದರೆ ಪಕ್ಷಕ್ಕೆ ಹಿನ್ನಡೆಯಾಗಬಹುದು ಎಂದು ಸಂದೇಶ ರವಾನಿಸಲಾಗಿದೆ. ಎರಡೂ ಕಡೆ ಒಪ್ಪಿಗೆ ಆಗುವಂತೆ ಪರಿಹಾರ ರೂಪಿಸಲು ಹೈಕಮಾಂಡ್ ಪ್ರಯತ್ನಿಸುತ್ತಿದೆ. ಸಿದ್ದರಾಮಯ್ಯ ಅವರ ಬೆಂಬಲಿಗರು ಹಾಗೂ ಡಿ.ಕೆ.ಶಿವಕುಮಾರ್ ಬೆಂಬಲಿಗರು ದೆಹಲಿಗೆ ತೆರಳಿ ಹೈಕಮಾಂಡ್ ಮೇಲೆ ಒತ್ತಡ ಹೇರುತ್ತಿದ್ದಾರೆ. ಸದ್ಯದ ಪರಿಸ್ಥಿತಿಯಲ್ಲಿ ಅಧಿಕಾರ ಹಂಚಿಕೆ ಕುರಿತು ಯಾವುದೇ ತೀರ್ಮಾನ ಕೈಗೊಳ್ಳದೆ ತಾಳ್ಮೆಯಿಂದ ಕಾಯುವಂತೆ ಶಿವಕುಮಾರ್ ಅವರಿಗೆ ಸೂಚಿಸಲಾಗಿದೆ. ಮಲ್ಲಿಕಾರ್ಜುನ ಖರ್ಗೆ ಅವರ ಜೊತೆಗೆ ರಾಹುಲ್ ಗಾಂಧಿ ಅವರು ಸಹ ಚರ್ಚೆ ನಡೆಸಿದ್ದು ಅಂತಿಮವಾಗಿ ಹೈಕಮಾಂಡ್ ನಿರ್ಧಾರಕ್ಕೆ ಬದ್ಧರಾಗಿರುವಂತೆ ಸೂಚಿಸಿದ್ದಾರೆ. ಈ ಸಂದರ್ಭದಲ್ಲಿ ಸಿದ್ದರಾಮಯ್ಯ ಅವರನ್ನು ಮುಂದುವರಿಸುವಂತೆ ಕೆಲವು ಹಿರಿಯ ನಾಯಕರು ಸಲಹೆ ನೀಡಿದ್ದಾರೆ ಎಂದು ಮೂಲಗಳು ತಿಳಿಸಿವೆ.
ದೇಶಾದ್ಯಂತ ಸಂವಿಧಾನ ದಿನಾಚರಣೆ
@ಸಮಗ್ರಪ್ರಭ
ನವದೆಹಲಿ: ಭಾರತದ ಸಂವಿಧಾನವನ್ನು ಅಂಗೀಕರಿಸಿದ ನವೆಂಬರ್ 26ರ ದಿನವನ್ನು ಇಂದು ದೇಶದ ಎಲ್ಲೆಡೆ ಸಂವಿಧಾನ ದಿನವನ್ನಾಗಿ ಆಚರಿಸಲಾಯಿತು. ಸಂಸತ್ ಭವನದ ಸೆಂಟ್ರಲ್ ಹಾಲ್‌ನಲ್ಲಿ ಬುಧವಾರ ರಾಷ್ಟ್ರಪತಿ ದ್ರೌಪದಿ ಮುರ್ಮು ಅವರು ಸಂವಿಧಾನದ ಅಕರವನ್ನು ಓದುವ ಮೂಲಕ ಸಂವಿಧಾನ ದಿನಾಚರಣೆಗೆ ಚಾಲನೆ ನೀಡಿದರು. ಸಂಸತ್ ಭವನದಲ್ಲಿ ನಡೆದ ಸಂವಿಧಾನ ದಿನಾಚರಣೆ ಕಾರ್ಯಕ್ರಮದಲ್ಲಿ ಉಪ ರಾಷ್ಟ್ರಪತಿ ಸಿ.ಪಿ.ರಾಧಾಕೃಷ್ಣನ್, ಲೋಕಸಭಾ ಅಧ್ಯಕ್ಷ ಓಂಬಿರ್ಲಾ, ಪ್ರಧಾನಿ ನರೇಂದ್ರ ಮೋದಿ, ರಾಜ್ಯಸಭೆಯ ವಿರೋಧ ಪಕ್ಷದ ನಾಯಕ ಮಲ್ಲಿಕಾರ್ಜುನ ಖರ್ಗೆ, ಲೋಕಸಭೆ ವಿಪಕ್ಷ ನಾಯಕ ರಾಹುಲ್ ಗಾಂಧಿ ಸೇರಿದಂತೆ ಕೇಂದ್ರ ಸಚಿವರು, ಸಂಸದರು ಭಾಗವಹಿಸಿದ್ದರು. ಇದೇ ಸಂದರ್ಭದಲ್ಲಿ ರಾಷ್ಟ್ರಪತಿ ದ್ರೌಪದಿ ಮುರ್ಮು ಅವರು ಮಲಯಾಳಂ, ಮರಾಠಿ, ನೇಪಾಳಿ, ಪಂಜಾಬಿ, ಬೋಡೋ, ಕಾಶ್ಮೀರಿ, ತೆಲುಗು, ಒಡಿಯಾ ಮತ್ತು ಅಸ್ಸಾಮಿ ಎಂಬ 9 ಭಾಷೆಗಳಲ್ಲಿ ಭಾರತೀಯ ಸಂವಿಧಾನದ ಪುಸ್ತಕ ಮತ್ತು ಡಿಜಿಟಲ್ ಆವೃತ್ತಿಗಳನ್ನು ಬಿಡುಗಡೆ ಮಾಡಿದರು. ವಿಕಸಿತ ಮತ್ತು ಸಾಮಾಜಿಕ ನ್ಯಾಯದ ಹಸ್ತಾಂತರ ಈ ಸಂದರ್ಭದಲ್ಲಿ ಮಾತನಾಡಿದ ರಾಷ್ಟ್ರಪತಿ ದ್ರೌಪದಿ ಮುರ್ಮು ಅವರು, ಭಾರತದ ಸಂವಿಧಾನವು ನಮ್ಮ ರಾಷ್ಟ್ರೀಯ ಗುರುತಿನ ದಾಖಲೆಯಾಗಿದೆ ಎಂದರು.
ಪ್ರಜಾಪ್ರಭುತ್ವ ಅಡಿಪಾಯವನ್ನು ರೂಪಿಸಲು ಕರ್ತವ್ಯಗಳೊಂದಿಗೆ ಸಾಂವಿಧಾನಿಕ ಮೌಲ್ಯಗಳನ್ನು ಎತ್ತಿ ಹಿಡಿಯುವಂತೆ ಕರೆ ನೀಡಿದರು. ನಮ್ಮ ಸಂವಿಧಾನದ ರಚನೆಕಾರರ ದೃಷ್ಟಿಕೋನ, ಸುಧಾರಣೆಗಳನ್ನು ಪ್ರತಿಬಿಂಬಿಸುತ್ತದೆ ಮತ್ತು ವಿಕಸಿತ ಭಾರತದ ಪ್ರಗತಿಗೆ ಮಾರ್ಗದರ್ಶನ ನೀಡುತ್ತದೆ ಎಂದು ಹೇಳಿದರು. ನಾಗರಿಕ ಹಕ್ಕುಗಳನ್ನು ಸುರಕ್ಷಿತಗೊಳಿಸುವ ಸಂವಿಧಾನ ನಿರ್ಮಾತೃಗಳು ಸಂವಿಧಾನವನ್ನು ರೂಪಿಸಿದರು ಎಂದು ಅವರು ಹೇಳಿದರು. ರಾಷ್ಟ್ರೀಯ ಏಕತೆ ಮತ್ತು ಸಾಮಾಜಿಕ ನ್ಯಾಯವನ್ನು ಬಲಪಡಿಸಲು ಕೈಗೊಂಡಿರುವ ಕ್ರಮಗಳನ್ನು ಉಲ್ಲೇಖಿಸಿ, ಸಂವಿಧಾನದ 370ನೇ ವಿಧಿಯನ್ನು ರದ್ದುಗೊಳಿಸುವ ನಿರ್ಧಾರ ಮತ್ತು ಹೊಸ ಕಾನೂನುಗಳ ಅನುಷ್ಠಾನವು ದೇಶದ ಏಕತೆಯನ್ನು ಬಲಪಡಿಸಿದೆ ಎಂದರು.
